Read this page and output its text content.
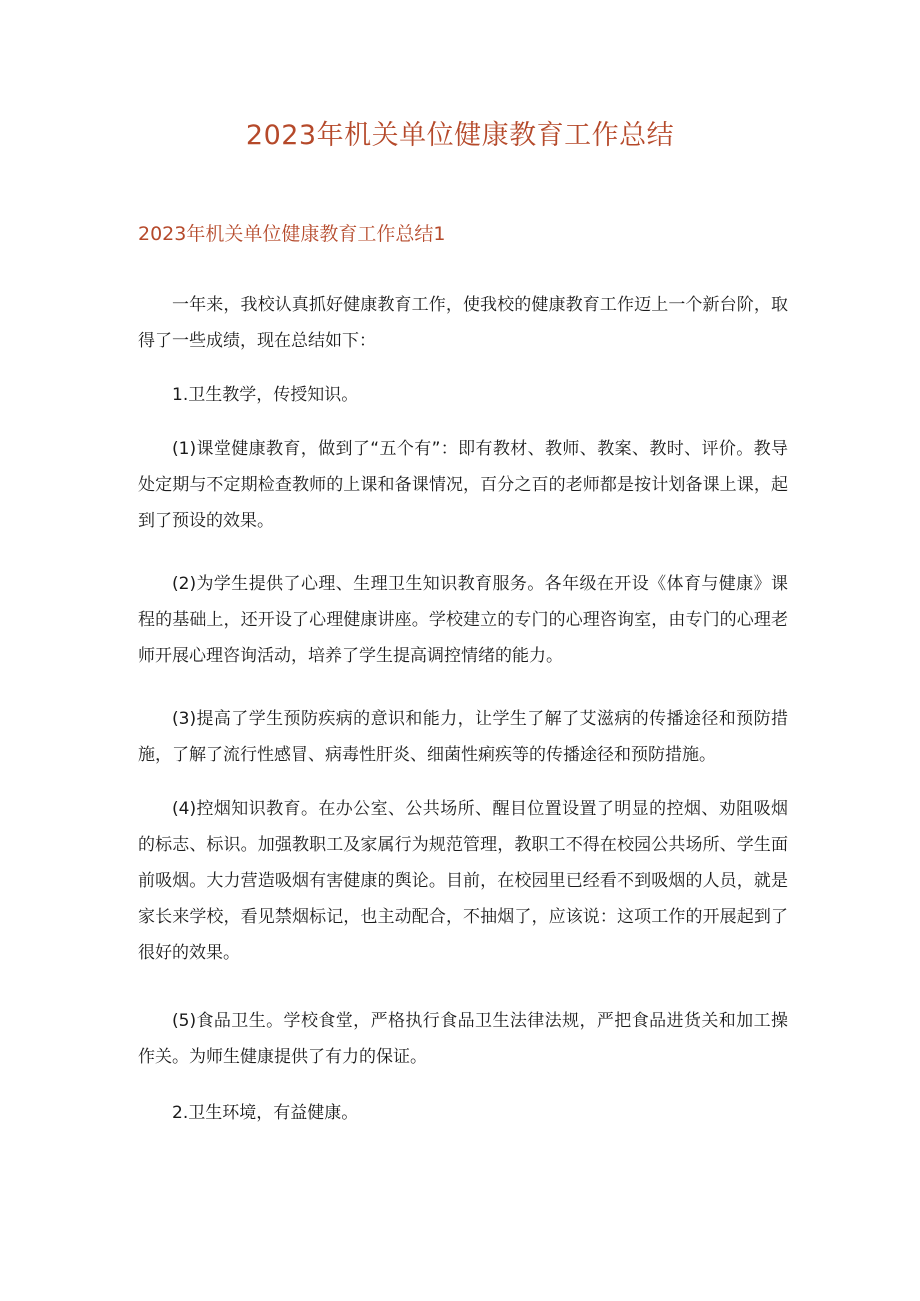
2023年机关单位健康教育工作总结
2023年机关单位健康教育工作总结1

一年来，我校认真抓好健康教育工作，使我校的健康教育工作迈上一个新台阶，取得了一些成绩，现在总结如下：

1.卫生教学，传授知识。

(1)课堂健康教育，做到了“五个有”：即有教材、教师、教案、教时、评价。教导处定期与不定期检查教师的上课和备课情况，百分之百的老师都是按计划备课上课，起到了预设的效果。

(2)为学生提供了心理、生理卫生知识教育服务。各年级在开设《体育与健康》课程的基础上，还开设了心理健康讲座。学校建立的专门的心理咨询室，由专门的心理老师开展心理咨询活动，培养了学生提高调控情绪的能力。

(3)提高了学生预防疾病的意识和能力，让学生了解了艾滋病的传播途径和预防措施，了解了流行性感冒、病毒性肝炎、细菌性痢疾等的传播途径和预防措施。

(4)控烟知识教育。在办公室、公共场所、醒目位置设置了明显的控烟、劝阻吸烟的标志、标识。加强教职工及家属行为规范管理，教职工不得在校园公共场所、学生面前吸烟。大力营造吸烟有害健康的舆论。目前，在校园里已经看不到吸烟的人员，就是家长来学校，看见禁烟标记，也主动配合，不抽烟了，应该说：这项工作的开展起到了很好的效果。

(5)食品卫生。学校食堂，严格执行食品卫生法律法规，严把食品进货关和加工操作关。为师生健康提供了有力的保证。

2.卫生环境，有益健康。
